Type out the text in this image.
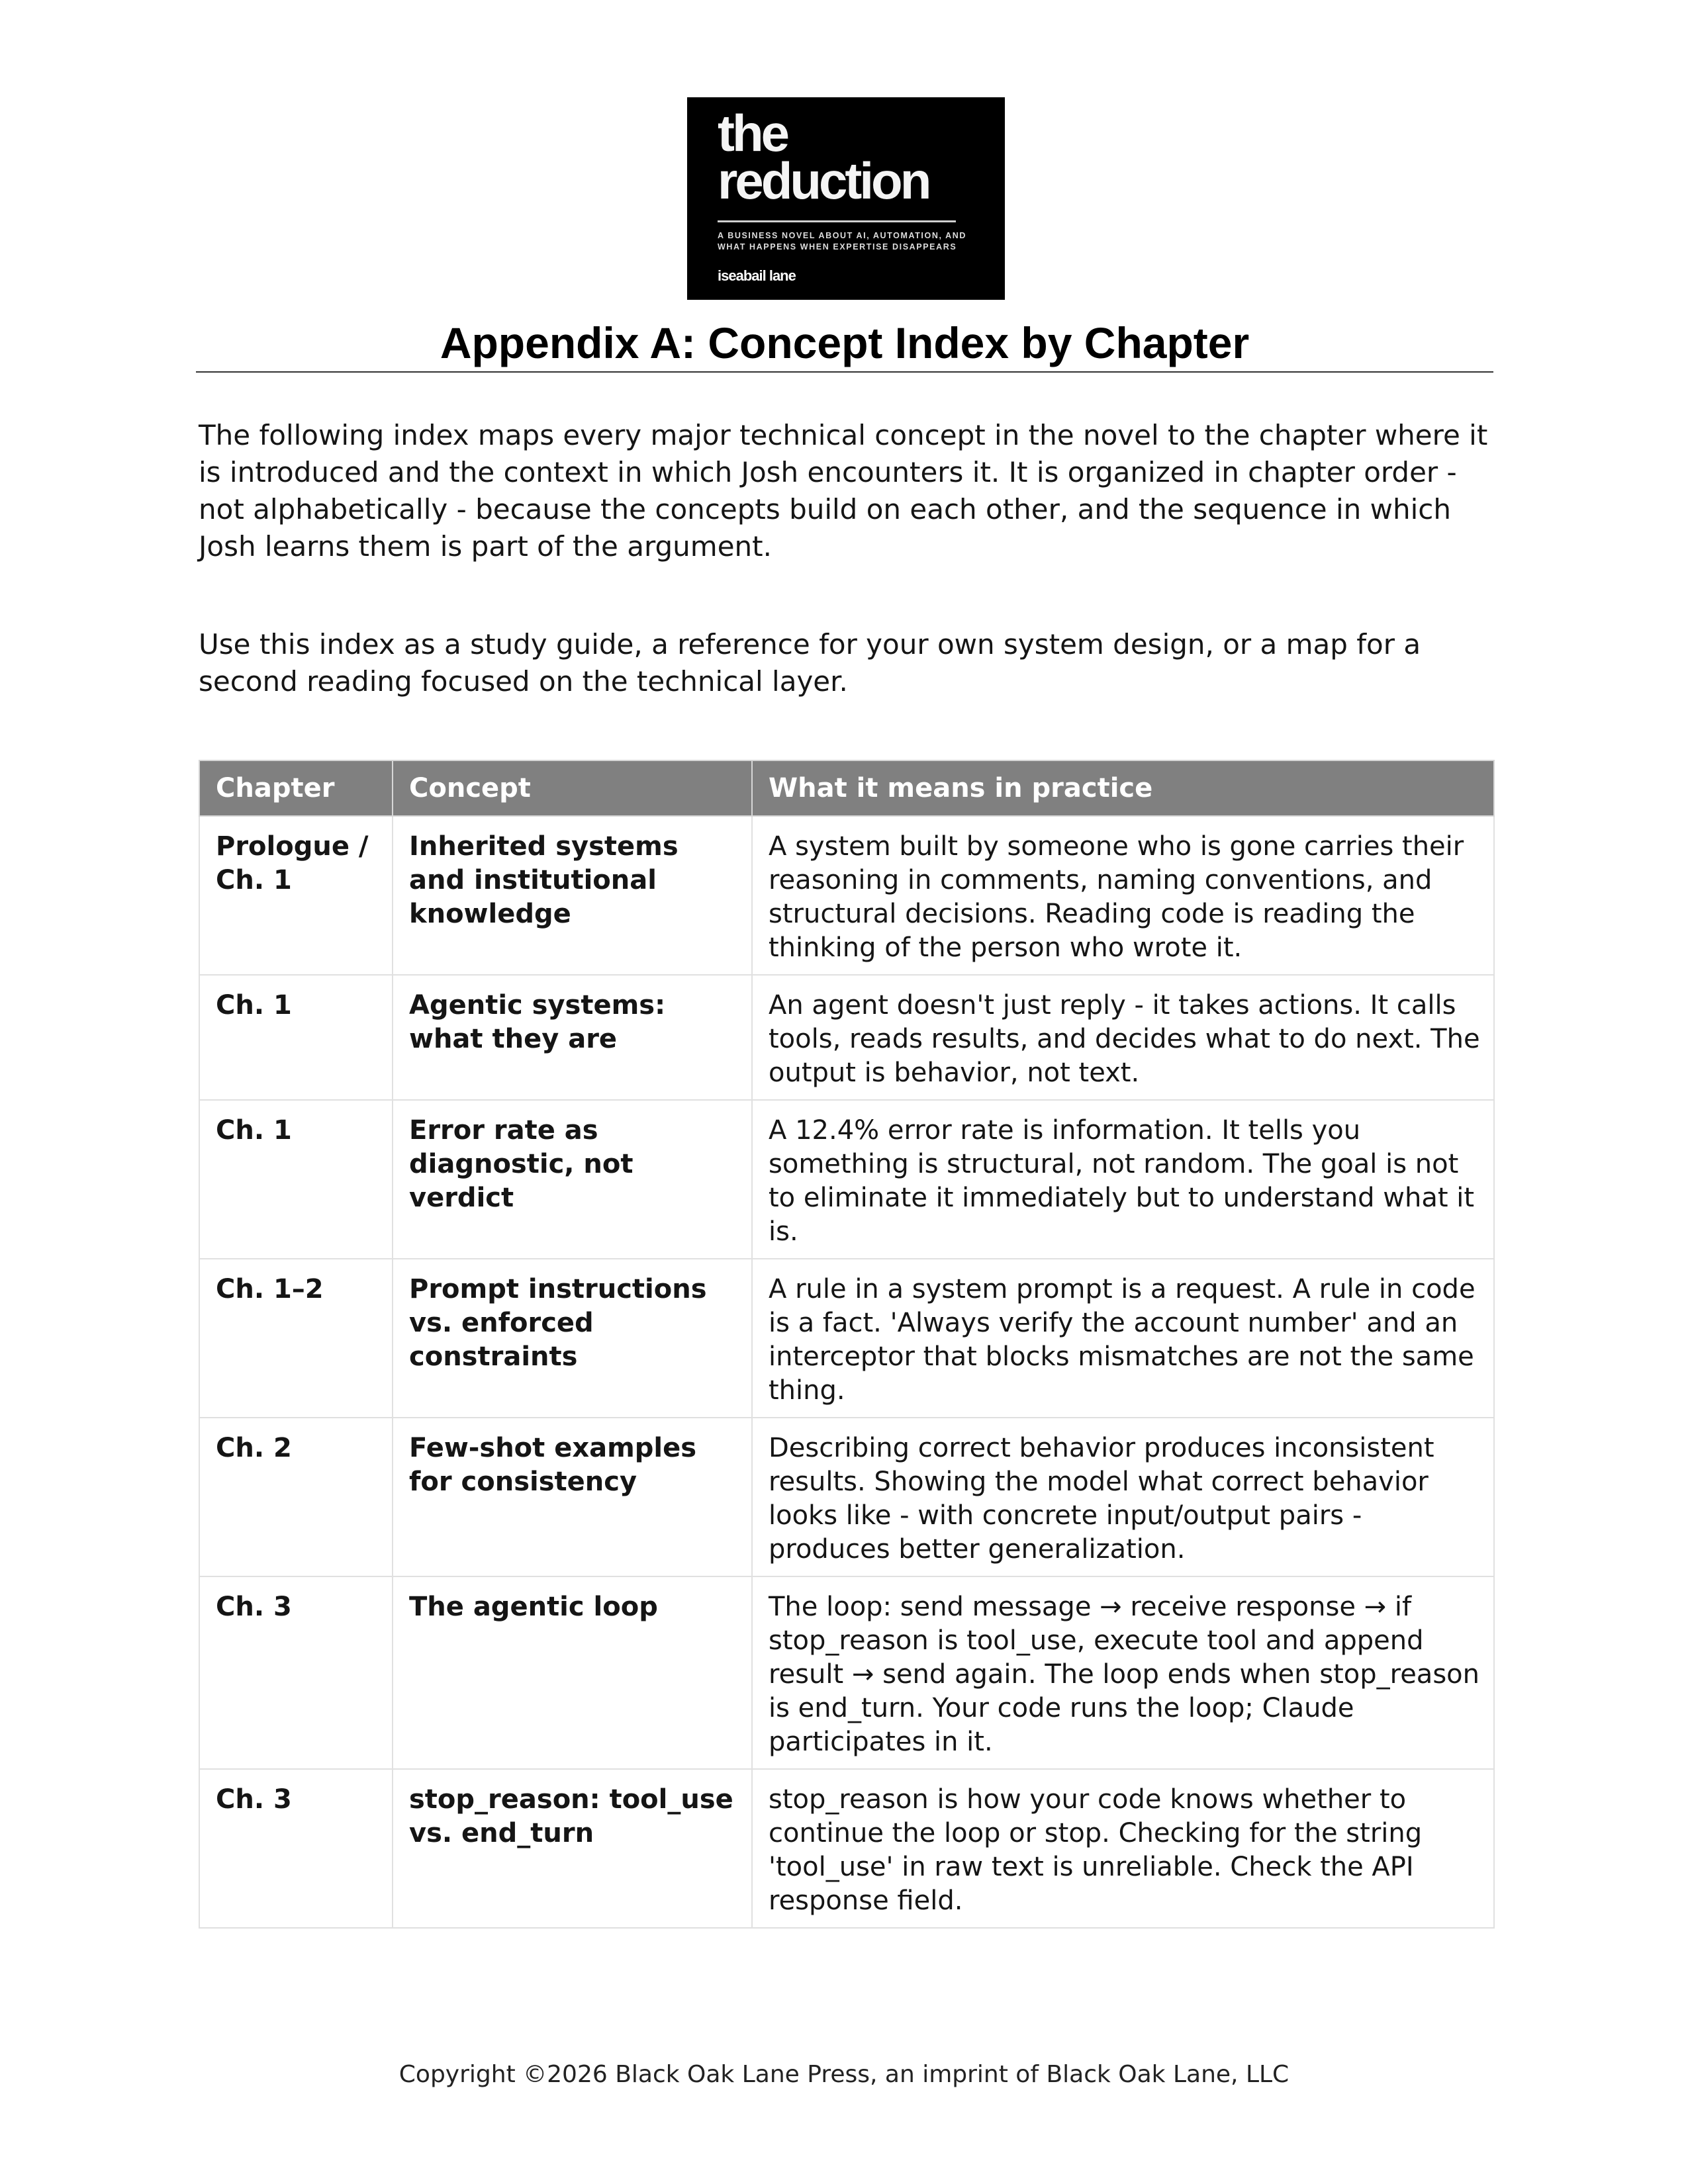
the
reduction
A BUSINESS NOVEL ABOUT AI, AUTOMATION, AND WHAT HAPPENS WHEN EXPERTISE DISAPPEARS
iseabail lane
Appendix A: Concept Index by Chapter

The following index maps every major technical concept in the novel to the chapter where it is introduced and the context in which Josh encounters it. It is organized in chapter order - not alphabetically - because the concepts build on each other, and the sequence in which Josh learns them is part of the argument.

Use this index as a study guide, a reference for your own system design, or a map for a second reading focused on the technical layer.

Chapter	Concept	What it means in practice
Prologue / Ch. 1	Inherited systems and institutional knowledge	A system built by someone who is gone carries their reasoning in comments, naming conventions, and structural decisions. Reading code is reading the thinking of the person who wrote it.
Ch. 1	Agentic systems: what they are	An agent doesn't just reply - it takes actions. It calls tools, reads results, and decides what to do next. The output is behavior, not text.
Ch. 1	Error rate as diagnostic, not verdict	A 12.4% error rate is information. It tells you something is structural, not random. The goal is not to eliminate it immediately but to understand what it is.
Ch. 1–2	Prompt instructions vs. enforced constraints	A rule in a system prompt is a request. A rule in code is a fact. 'Always verify the account number' and an interceptor that blocks mismatches are not the same thing.
Ch. 2	Few-shot examples for consistency	Describing correct behavior produces inconsistent results. Showing the model what correct behavior looks like - with concrete input/output pairs - produces better generalization.
Ch. 3	The agentic loop	The loop: send message → receive response → if stop_reason is tool_use, execute tool and append result → send again. The loop ends when stop_reason is end_turn. Your code runs the loop; Claude participates in it.
Ch. 3	stop_reason: tool_use vs. end_turn	stop_reason is how your code knows whether to continue the loop or stop. Checking for the string 'tool_use' in raw text is unreliable. Check the API response field.
Copyright ©2026 Black Oak Lane Press, an imprint of Black Oak Lane, LLC
